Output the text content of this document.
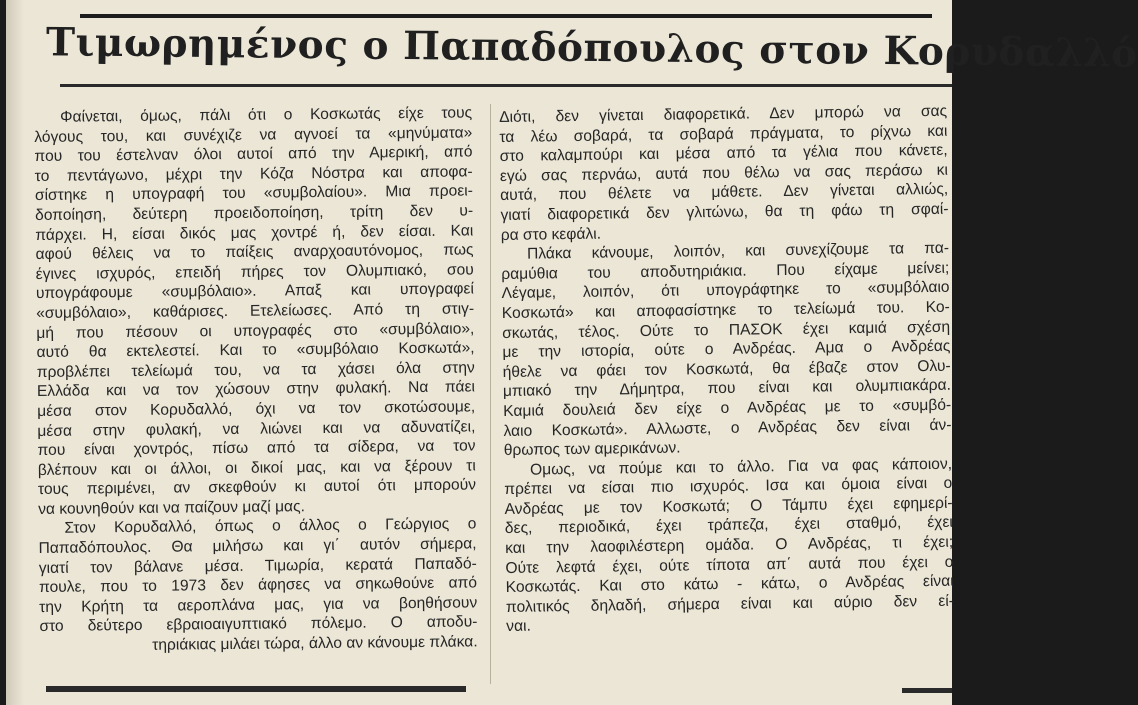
Τιμωρημένος ο Παπαδόπουλος στον Κορυδαλλό
Φαίνεται, όμως, πάλι ότι ο Κοσκωτάς είχε τους
λόγους του, και συνέχιζε να αγνοεί τα «μηνύματα»
που του έστελναν όλοι αυτοί από την Αμερική, από
το πεντάγωνο, μέχρι την Κόζα Νόστρα και αποφα-
σίστηκε η υπογραφή του «συμβολαίου». Μια προει-
δοποίηση, δεύτερη προειδοποίηση, τρίτη δεν υ-
πάρχει. Η, είσαι δικός μας χοντρέ ή, δεν είσαι. Και
αφού θέλεις να το παίξεις αναρχοαυτόνομος, πως
έγινες ισχυρός, επειδή πήρες τον Ολυμπιακό, σου
υπογράφουμε «συμβόλαιο». Απαξ και υπογραφεί
«συμβόλαιο», καθάρισες. Ετελείωσες. Από τη στιγ-
μή που πέσουν οι υπογραφές στο «συμβόλαιο»,
αυτό θα εκτελεστεί. Και το «συμβόλαιο Κοσκωτά»,
προβλέπει τελείωμά του, να τα χάσει όλα στην
Ελλάδα και να τον χώσουν στην φυλακή. Να πάει
μέσα στον Κορυδαλλό, όχι να τον σκοτώσουμε,
μέσα στην φυλακή, να λιώνει και να αδυνατίζει,
που είναι χοντρός, πίσω από τα σίδερα, να τον
βλέπουν και οι άλλοι, οι δικοί μας, και να ξέρουν τι
τους περιμένει, αν σκεφθούν κι αυτοί ότι μπορούν
να κουνηθούν και να παίζουν μαζί μας.
Στον Κορυδαλλό, όπως ο άλλος ο Γεώργιος ο
Παπαδόπουλος. Θα μιλήσω και γι΄ αυτόν σήμερα,
γιατί τον βάλανε μέσα. Τιμωρία, κερατά Παπαδό-
πουλε, που το 1973 δεν άφησες να σηκωθούνε από
την Κρήτη τα αεροπλάνα μας, για να βοηθήσουν
στο δεύτερο εβραιοαιγυπτιακό πόλεμο. Ο αποδυ-
τηριάκιας μιλάει τώρα, άλλο αν κάνουμε πλάκα.
Διότι, δεν γίνεται διαφορετικά. Δεν μπορώ να σας
τα λέω σοβαρά, τα σοβαρά πράγματα, το ρίχνω και
στο καλαμπούρι και μέσα από τα γέλια που κάνετε,
εγώ σας περνάω, αυτά που θέλω να σας περάσω κι
αυτά, που θέλετε να μάθετε. Δεν γίνεται αλλιώς,
γιατί διαφορετικά δεν γλιτώνω, θα τη φάω τη σφαί-
ρα στο κεφάλι.
Πλάκα κάνουμε, λοιπόν, και συνεχίζουμε τα πα-
ραμύθια του αποδυτηριάκια. Που είχαμε μείνει;
Λέγαμε, λοιπόν, ότι υπογράφτηκε το «συμβόλαιο
Κοσκωτά» και αποφασίστηκε το τελείωμά του. Κο-
σκωτάς, τέλος. Ούτε το ΠΑΣΟΚ έχει καμιά σχέση
με την ιστορία, ούτε ο Ανδρέας. Αμα ο Ανδρέας
ήθελε να φάει τον Κοσκωτά, θα έβαζε στον Ολυ-
μπιακό την Δήμητρα, που είναι και ολυμπιακάρα.
Καμιά δουλειά δεν είχε ο Ανδρέας με το «συμβό-
λαιο Κοσκωτά». Αλλωστε, ο Ανδρέας δεν είναι άν-
θρωπος των αμερικάνων.
Ομως, να πούμε και το άλλο. Για να φας κάποιον,
πρέπει να είσαι πιο ισχυρός. Ισα και όμοια είναι ο
Ανδρέας με τον Κοσκωτά; Ο Τάμπυ έχει εφημερί-
δες, περιοδικά, έχει τράπεζα, έχει σταθμό, έχει
και την λαοφιλέστερη ομάδα. Ο Ανδρέας, τι έχει;
Ούτε λεφτά έχει, ούτε τίποτα απ΄ αυτά που έχει ο
Κοσκωτάς. Και στο κάτω - κάτω, ο Ανδρέας είναι
πολιτικός δηλαδή, σήμερα είναι και αύριο δεν εί-
ναι.
